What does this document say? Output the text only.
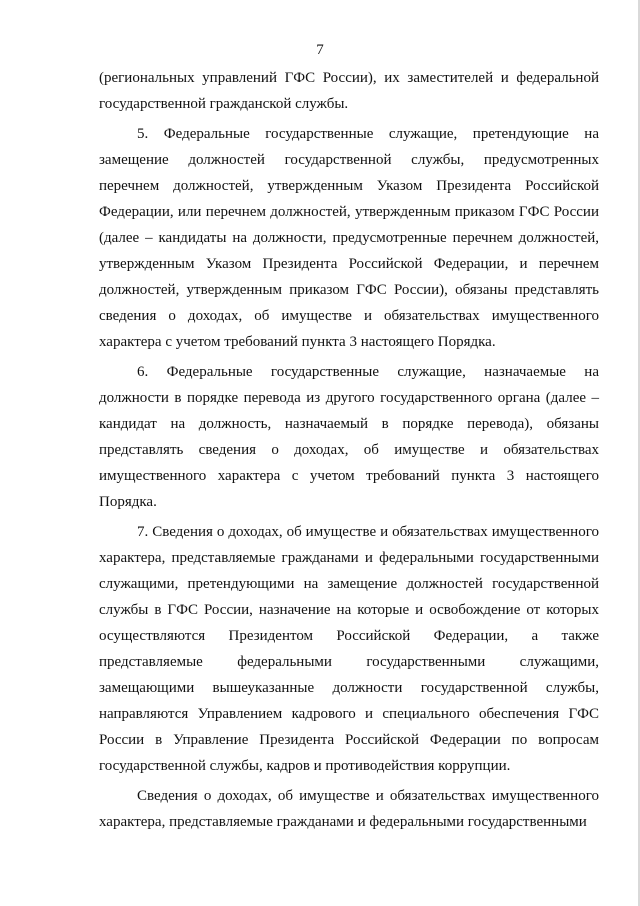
7

(региональных управлений ГФС России), их заместителей и федеральной государственной гражданской службы.

5. Федеральные государственные служащие, претендующие на замещение должностей государственной службы, предусмотренных перечнем должностей, утвержденным Указом Президента Российской Федерации, или перечнем должностей, утвержденным приказом ГФС России (далее – кандидаты на должности, предусмотренные перечнем должностей, утвержденным Указом Президента Российской Федерации, и перечнем должностей, утвержденным приказом ГФС России), обязаны представлять сведения о доходах, об имуществе и обязательствах имущественного характера с учетом требований пункта 3 настоящего Порядка.

6. Федеральные государственные служащие, назначаемые на должности в порядке перевода из другого государственного органа (далее – кандидат на должность, назначаемый в порядке перевода), обязаны представлять сведения о доходах, об имуществе и обязательствах имущественного характера с учетом требований пункта 3 настоящего Порядка.

7. Сведения о доходах, об имуществе и обязательствах имущественного характера, представляемые гражданами и федеральными государственными служащими, претендующими на замещение должностей государственной службы в ГФС России, назначение на которые и освобождение от которых осуществляются Президентом Российской Федерации, а также представляемые федеральными государственными служащими, замещающими вышеуказанные должности государственной службы, направляются Управлением кадрового и специального обеспечения ГФС России в Управление Президента Российской Федерации по вопросам государственной службы, кадров и противодействия коррупции.

Сведения о доходах, об имуществе и обязательствах имущественного характера, представляемые гражданами и федеральными государственными
